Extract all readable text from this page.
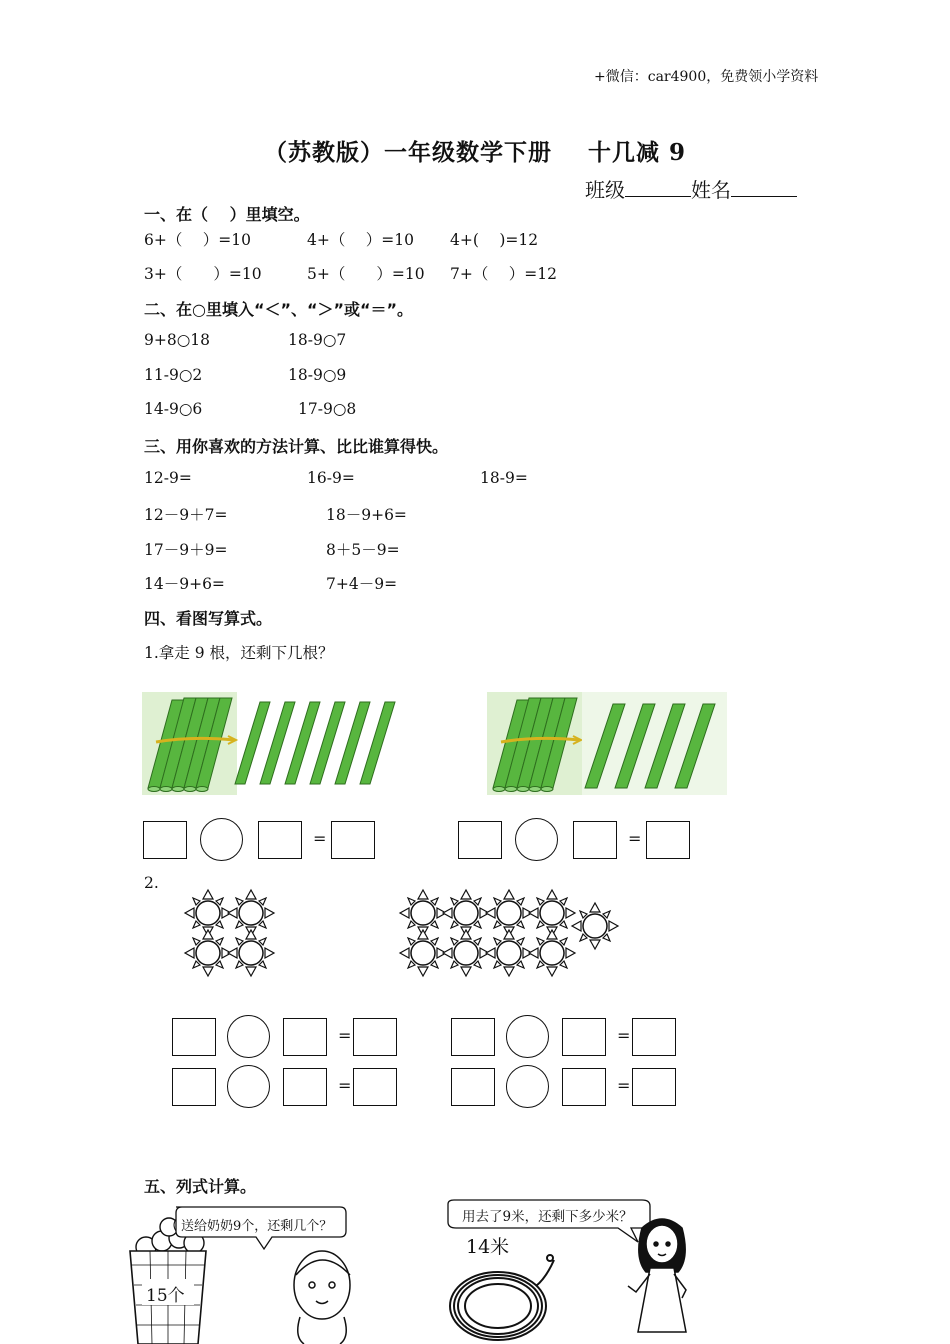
+微信：car4900，免费领小学资料
（苏教版）一年级数学下册 十几减 9
班级	姓名
一、在（　 ）里填空。
6+（　 ）=10	4+（　 ）=10 4+(　 )=12
3+（　　）=10	5+（　　）=10 7+（　 ）=12
二、在○里填入“＜”、“＞”或“＝”。
9+8○18	18-9○7
11-9○2	18-9○9
14-9○6	17-9○8
三、用你喜欢的方法计算、比比谁算得快。
12-9=	16-9=	18-9=
12－9＋7=	18－9+6=
17－9＋9=	8＋5－9=
14－9+6=	7+4－9=
四、看图写算式。
1.拿走 9 根，还剩下几根？
=	=
2.
=	=
=	=
五、列式计算。
送给奶奶9个，还剩几个？
15个
用去了9米，还剩下多少米？
14米
